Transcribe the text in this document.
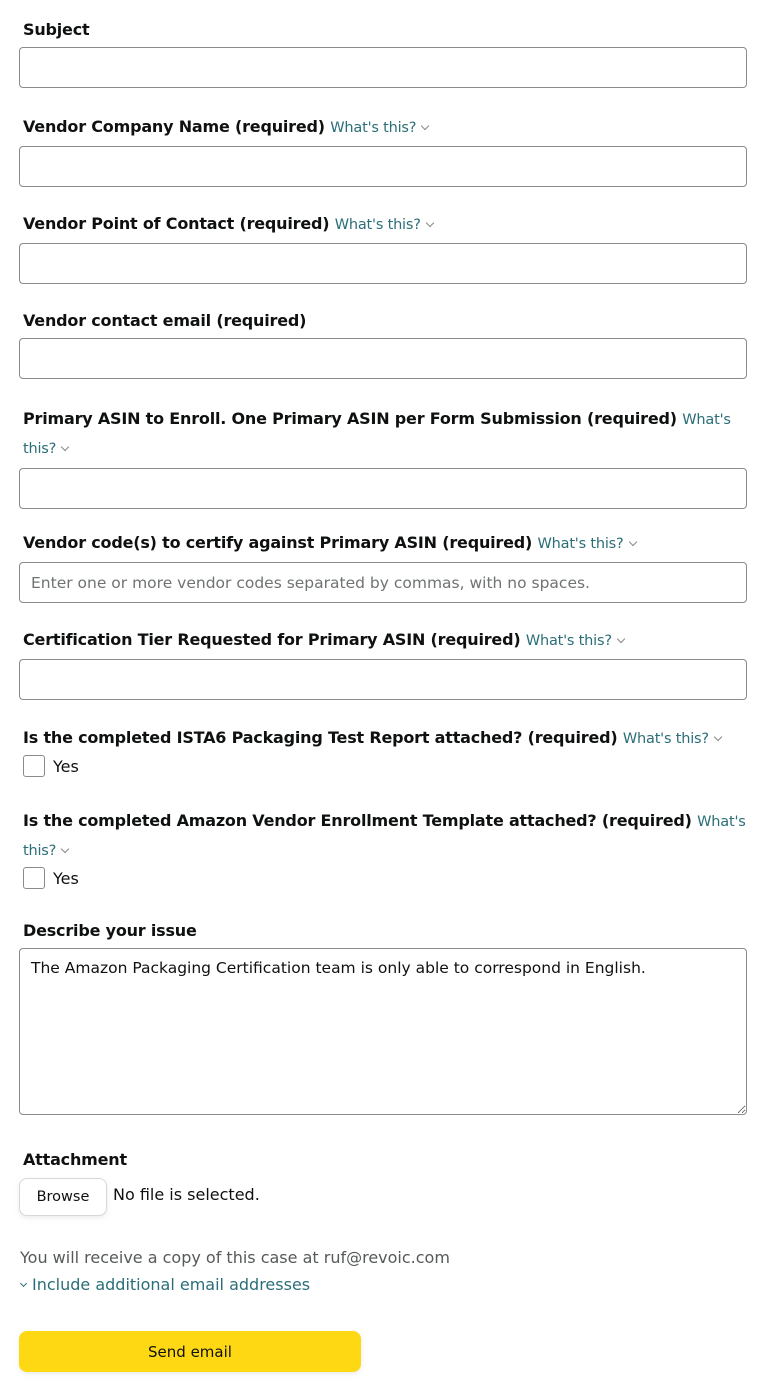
Subject
Vendor Company Name (required) What's this?
Vendor Point of Contact (required) What's this?
Vendor contact email (required)
Primary ASIN to Enroll. One Primary ASIN per Form Submission (required) What's this?
Vendor code(s) to certify against Primary ASIN (required) What's this?
Enter one or more vendor codes separated by commas, with no spaces.
Certification Tier Requested for Primary ASIN (required) What's this?
Is the completed ISTA6 Packaging Test Report attached? (required) What's this?
Yes
Is the completed Amazon Vendor Enrollment Template attached? (required) What's this?
Yes
Describe your issue
The Amazon Packaging Certification team is only able to correspond in English.
Attachment
Browse	No file is selected.
You will receive a copy of this case at ruf@revoic.com
Include additional email addresses
Send email
